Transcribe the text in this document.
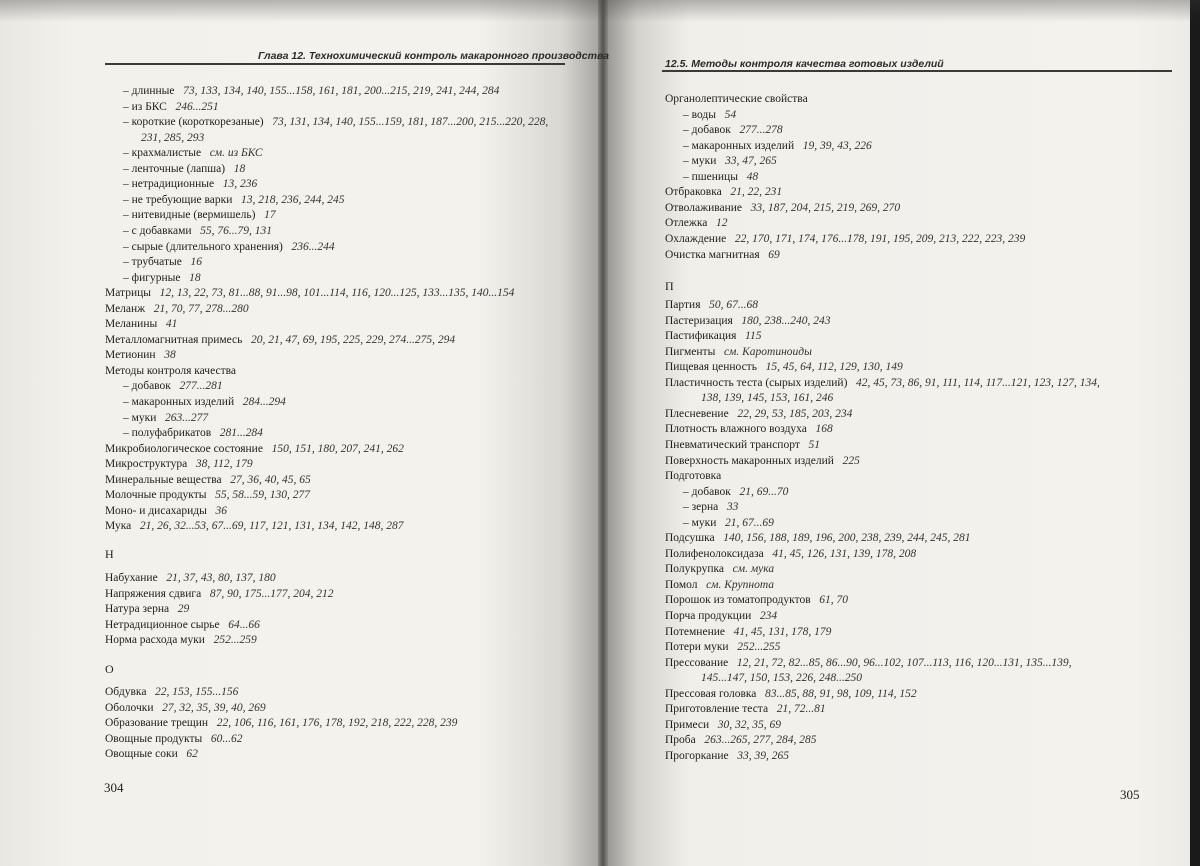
Глава 12. Технохимический контроль макаронного производства
12.5. Методы контроля качества готовых изделий
– длинные 73, 133, 134, 140, 155...158, 161, 181, 200...215, 219, 241, 244, 284
– из БКС 246...251
– короткие (короткорезаные) 73, 131, 134, 140, 155...159, 181, 187...200, 215...220, 228,
231, 285, 293
– крахмалистые см. из БКС
– ленточные (лапша) 18
– нетрадиционные 13, 236
– не требующие варки 13, 218, 236, 244, 245
– нитевидные (вермишель) 17
– с добавками 55, 76...79, 131
– сырые (длительного хранения) 236...244
– трубчатые 16
– фигурные 18
Матрицы 12, 13, 22, 73, 81...88, 91...98, 101...114, 116, 120...125, 133...135, 140...154
Меланж 21, 70, 77, 278...280
Меланины 41
Металломагнитная примесь 20, 21, 47, 69, 195, 225, 229, 274...275, 294
Метионин 38
Методы контроля качества
– добавок 277...281
– макаронных изделий 284...294
– муки 263...277
– полуфабрикатов 281...284
Микробиологическое состояние 150, 151, 180, 207, 241, 262
Микроструктура 38, 112, 179
Минеральные вещества 27, 36, 40, 45, 65
Молочные продукты 55, 58...59, 130, 277
Моно- и дисахариды 36
Мука 21, 26, 32...53, 67...69, 117, 121, 131, 134, 142, 148, 287
Набухание 21, 37, 43, 80, 137, 180
Напряжения сдвига 87, 90, 175...177, 204, 212
Натура зерна 29
Нетрадиционное сырье 64...66
Норма расхода муки 252...259
Обдувка 22, 153, 155...156
Оболочки 27, 32, 35, 39, 40, 269
Образование трещин 22, 106, 116, 161, 176, 178, 192, 218, 222, 228, 239
Овощные продукты 60...62
Овощные соки 62
Органолептические свойства
– воды 54
– добавок 277...278
– макаронных изделий 19, 39, 43, 226
– муки 33, 47, 265
– пшеницы 48
Отбраковка 21, 22, 231
Отволаживание 33, 187, 204, 215, 219, 269, 270
Отлежка 12
Охлаждение 22, 170, 171, 174, 176...178, 191, 195, 209, 213, 222, 223, 239
Очистка магнитная 69
Партия 50, 67...68
Пастеризация 180, 238...240, 243
Пастификация 115
Пигменты см. Каротиноиды
Пищевая ценность 15, 45, 64, 112, 129, 130, 149
Пластичность теста (сырых изделий) 42, 45, 73, 86, 91, 111, 114, 117...121, 123, 127, 134,
138, 139, 145, 153, 161, 246
Плесневение 22, 29, 53, 185, 203, 234
Плотность влажного воздуха 168
Пневматический транспорт 51
Поверхность макаронных изделий 225
Подготовка
– добавок 21, 69...70
– зерна 33
– муки 21, 67...69
Подсушка 140, 156, 188, 189, 196, 200, 238, 239, 244, 245, 281
Полифенолоксидаза 41, 45, 126, 131, 139, 178, 208
Полукрупка см. мука
Помол см. Крупнота
Порошок из томатопродуктов 61, 70
Порча продукции 234
Потемнение 41, 45, 131, 178, 179
Потери муки 252...255
Прессование 12, 21, 72, 82...85, 86...90, 96...102, 107...113, 116, 120...131, 135...139,
145...147, 150, 153, 226, 248...250
Прессовая головка 83...85, 88, 91, 98, 109, 114, 152
Приготовление теста 21, 72...81
Примеси 30, 32, 35, 69
Проба 263...265, 277, 284, 285
Прогоркание 33, 39, 265
Н
О
П
304	305
